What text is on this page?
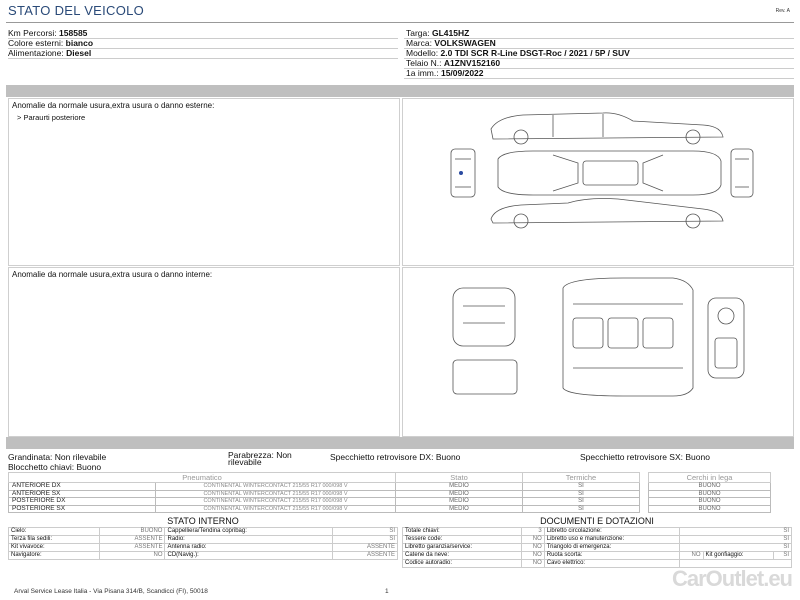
STATO DEL VEICOLO	Rev. A
Km Percorsi: 158585
Colore esterni: bianco
Alimentazione: Diesel
Targa: GL415HZ
Marca: VOLKSWAGEN
Modello: 2.0 TDI SCR R-Line DSGT-Roc / 2021 / 5P / SUV
Telaio N.: A1ZNV152160
1a imm.: 15/09/2022
Anomalie da normale usura,extra usura o danno esterne:
> Paraurti posteriore
Anomalie da normale usura,extra usura o danno interne:
Grandinata: Non rilevabile	Parabrezza: Non rilevabile	Specchietto retrovisore DX: Buono	Specchietto retrovisore SX: Buono
Blocchetto chiavi: Buono
Pneumatico		Stato	Termiche		Cerchi in lega
ANTERIORE DX	CONTINENTAL WINTERCONTACT 215/55 R17 000/098 V	MEDIO	SI		BUONO
ANTERIORE SX	CONTINENTAL WINTERCONTACT 215/55 R17 000/098 V	MEDIO	SI		BUONO
POSTERIORE DX	CONTINENTAL WINTERCONTACT 215/55 R17 000/098 V	MEDIO	SI		BUONO
POSTERIORE SX	CONTINENTAL WINTERCONTACT 215/55 R17 000/098 V	MEDIO	SI		BUONO
STATO INTERNO
Cielo:	BUONO	Cappelliera/Tendina copribag:	SI
Terza fila sedili:	ASSENTE	Radio:	SI
Kit vivavoce:	ASSENTE	Antenna radio:	ASSENTE
Navigatore:	NO	CD(Navig.):	ASSENTE
DOCUMENTI E DOTAZIONI
Totale chiavi:	3	Libretto circolazione:	SI		
Tessere code:	NO	Libretto uso e manutenzione:	SI		
Libretto garanzia/service:	NO	Triangolo di emergenza:	SI		
Catene da neve:	NO	Ruota scorta:	NO	Kit gonfiaggio:	SI
Codice autoradio:	NO	Cavo elettrico:			
Arval Service Lease Italia - Via Pisana 314/B, Scandicci (FI), 50018	1
CarOutlet.eu
